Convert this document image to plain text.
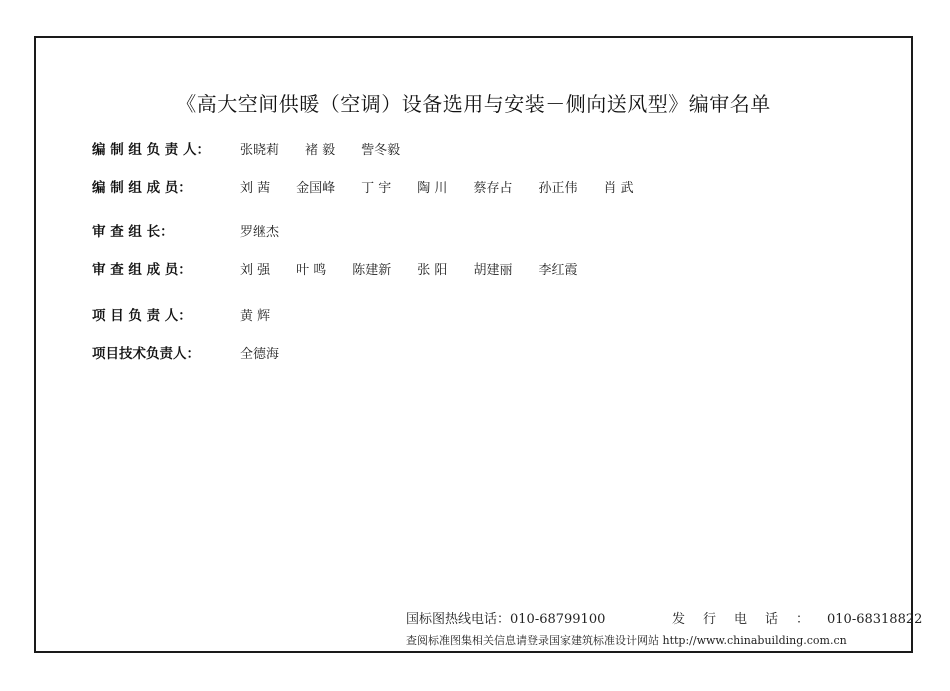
《高大空间供暖（空调）设备选用与安装－侧向送风型》编审名单
编 制 组 负 责 人：	张晓莉 褚 毅 訾冬毅
编 制 组 成 员：	刘 茜 金国峰 丁 宇 陶 川 蔡存占 孙正伟 肖 武
审 查 组 长：	罗继杰
审 查 组 成 员：	刘 强 叶 鸣 陈建新 张 阳 胡建丽 李红霞
项 目 负 责 人：	黄 辉
项目技术负责人：	全德海
国标图热线电话：010-68799100	发行电话：010-68318822
查阅标准图集相关信息请登录国家建筑标准设计网站 http://www.chinabuilding.com.cn
